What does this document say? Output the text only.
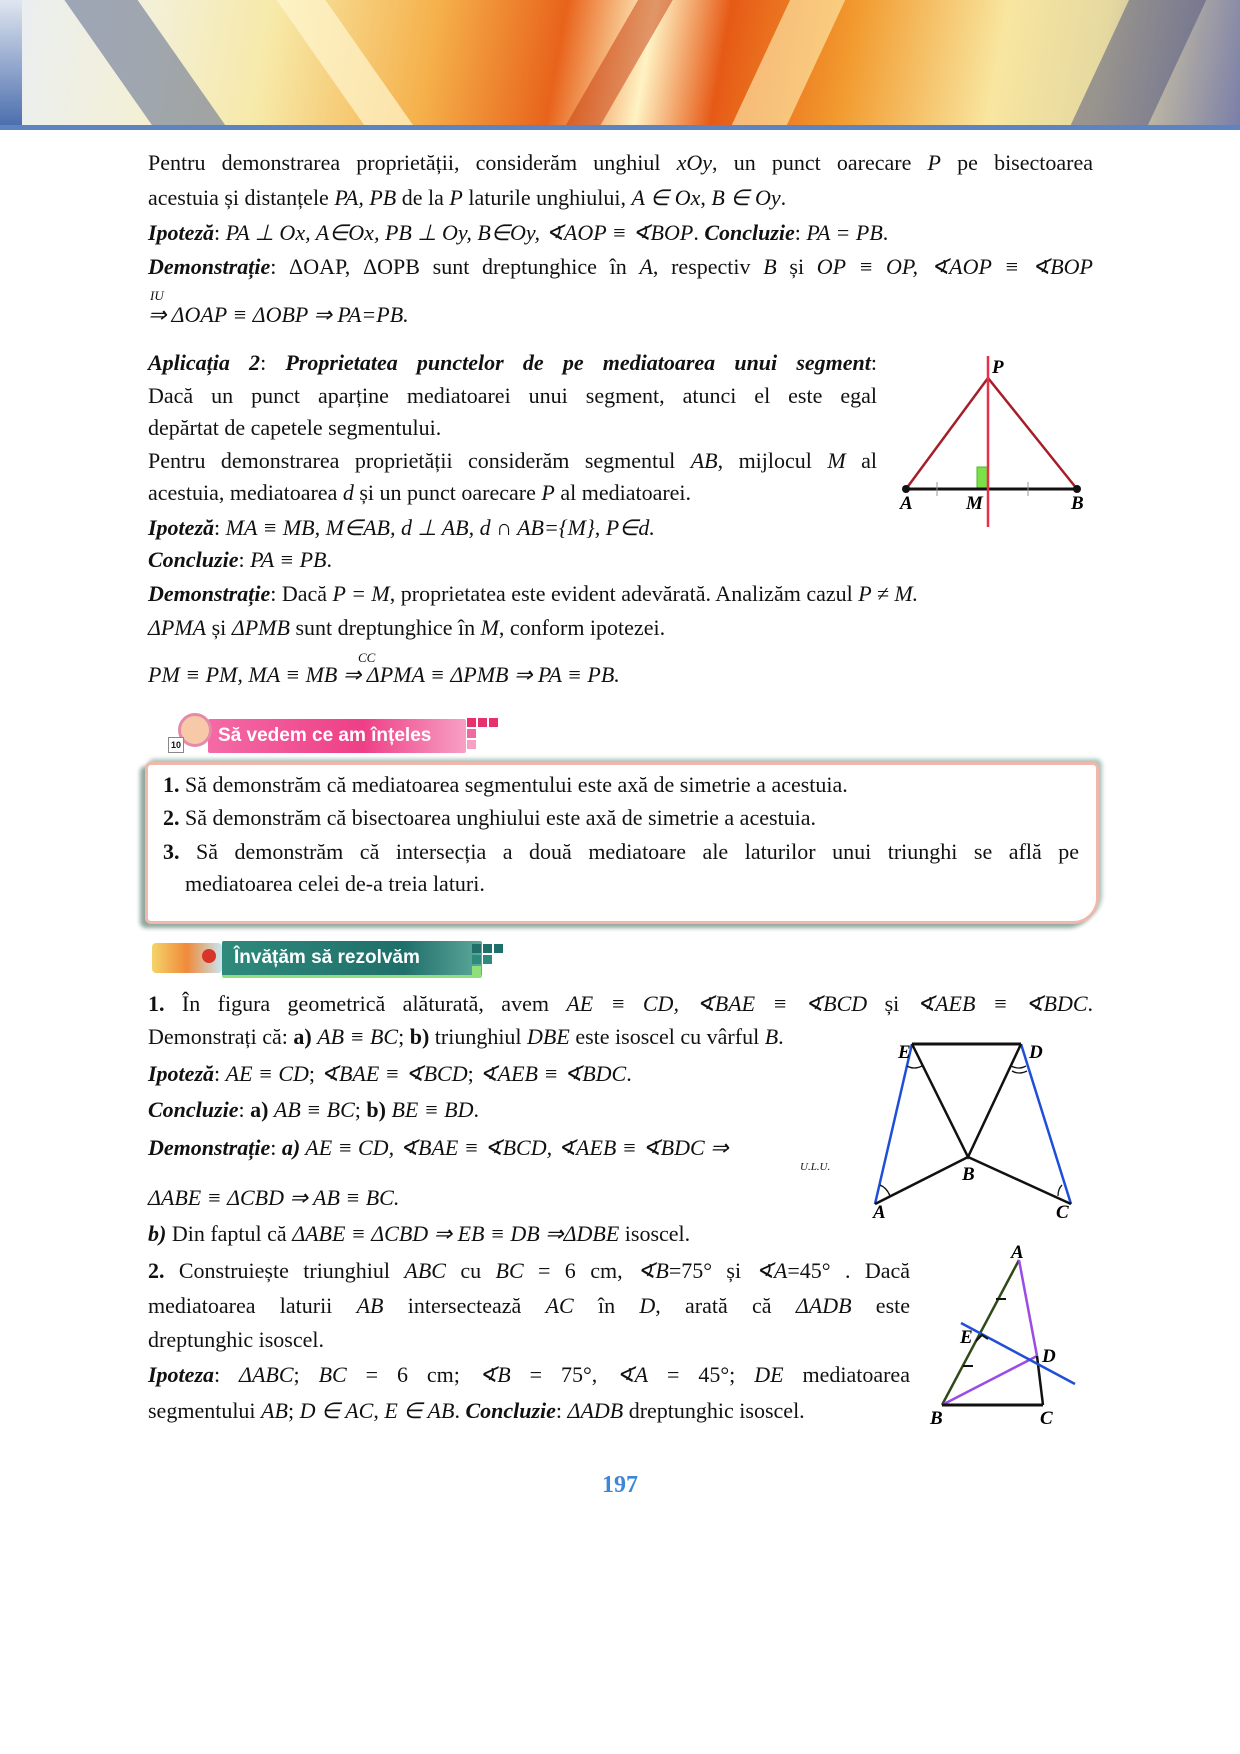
Pentru demonstrarea proprietății, considerăm unghiul xOy, un punct oarecare P pe bisectoarea
acestuia și distanțele PA, PB de la P laturile unghiului, A ∈ Ox, B ∈ Oy.
Ipoteză: PA ⊥ Ox, A∈Ox, PB ⊥ Oy, B∈Oy, ∢AOP ≡ ∢BOP. Concluzie: PA = PB.
Demonstrație: ΔOAP, ΔOPB sunt dreptunghice în A, respectiv B și OP ≡ OP, ∢AOP ≡ ∢BOP
IU
⇒ ΔOAP ≡ ΔOBP ⇒ PA=PB.
Aplicația 2: Proprietatea punctelor de pe mediatoarea unui segment:
Dacă un punct aparține mediatoarei unui segment, atunci el este egal
depărtat de capetele segmentului.
Pentru demonstrarea proprietății considerăm segmentul AB, mijlocul M al
acestuia, mediatoarea d și un punct oarecare P al mediatoarei.
Ipoteză: MA ≡ MB, M∈AB, d ⊥ AB, d ∩ AB={M}, P∈d.
Concluzie: PA ≡ PB.
Demonstrație: Dacă P = M, proprietatea este evident adevărată. Analizăm cazul P ≠ M.
ΔPMA și ΔPMB sunt dreptunghice în M, conform ipotezei.
CC
PM ≡ PM, MA ≡ MB ⇒ ΔPMA ≡ ΔPMB ⇒ PA ≡ PB.
P
A	M	B
E	D
B
A	C
A
B	C
D
E
10 Să vedem ce am înțeles
1. Să demonstrăm că mediatoarea segmentului este axă de simetrie a acestuia.
2. Să demonstrăm că bisectoarea unghiului este axă de simetrie a acestuia.
3. Să demonstrăm că intersecția a două mediatoare ale laturilor unui triunghi se află pe
mediatoarea celei de-a treia laturi.
Învățăm să rezolvăm
1. În figura geometrică alăturată, avem AE ≡ CD, ∢BAE ≡ ∢BCD și ∢AEB ≡ ∢BDC.
Demonstrați că: a) AB ≡ BC; b) triunghiul DBE este isoscel cu vârful B.
Ipoteză: AE ≡ CD; ∢BAE ≡ ∢BCD; ∢AEB ≡ ∢BDC.
Concluzie: a) AB ≡ BC; b) BE ≡ BD.
Demonstrație: a) AE ≡ CD, ∢BAE ≡ ∢BCD, ∢AEB ≡ ∢BDC ⇒
U.L.U.
ΔABE ≡ ΔCBD ⇒ AB ≡ BC.
b) Din faptul că ΔABE ≡ ΔCBD ⇒ EB ≡ DB ⇒ΔDBE isoscel.
2. Construiește triunghiul ABC cu BC = 6 cm, ∢B=75° și ∢A=45° . Dacă
mediatoarea laturii AB intersectează AC în D, arată că ΔADB este
dreptunghic isoscel.
Ipoteza: ΔABC; BC = 6 cm; ∢B = 75°, ∢A = 45°; DE mediatoarea
segmentului AB; D ∈ AC, E ∈ AB. Concluzie: ΔADB dreptunghic isoscel.
197
